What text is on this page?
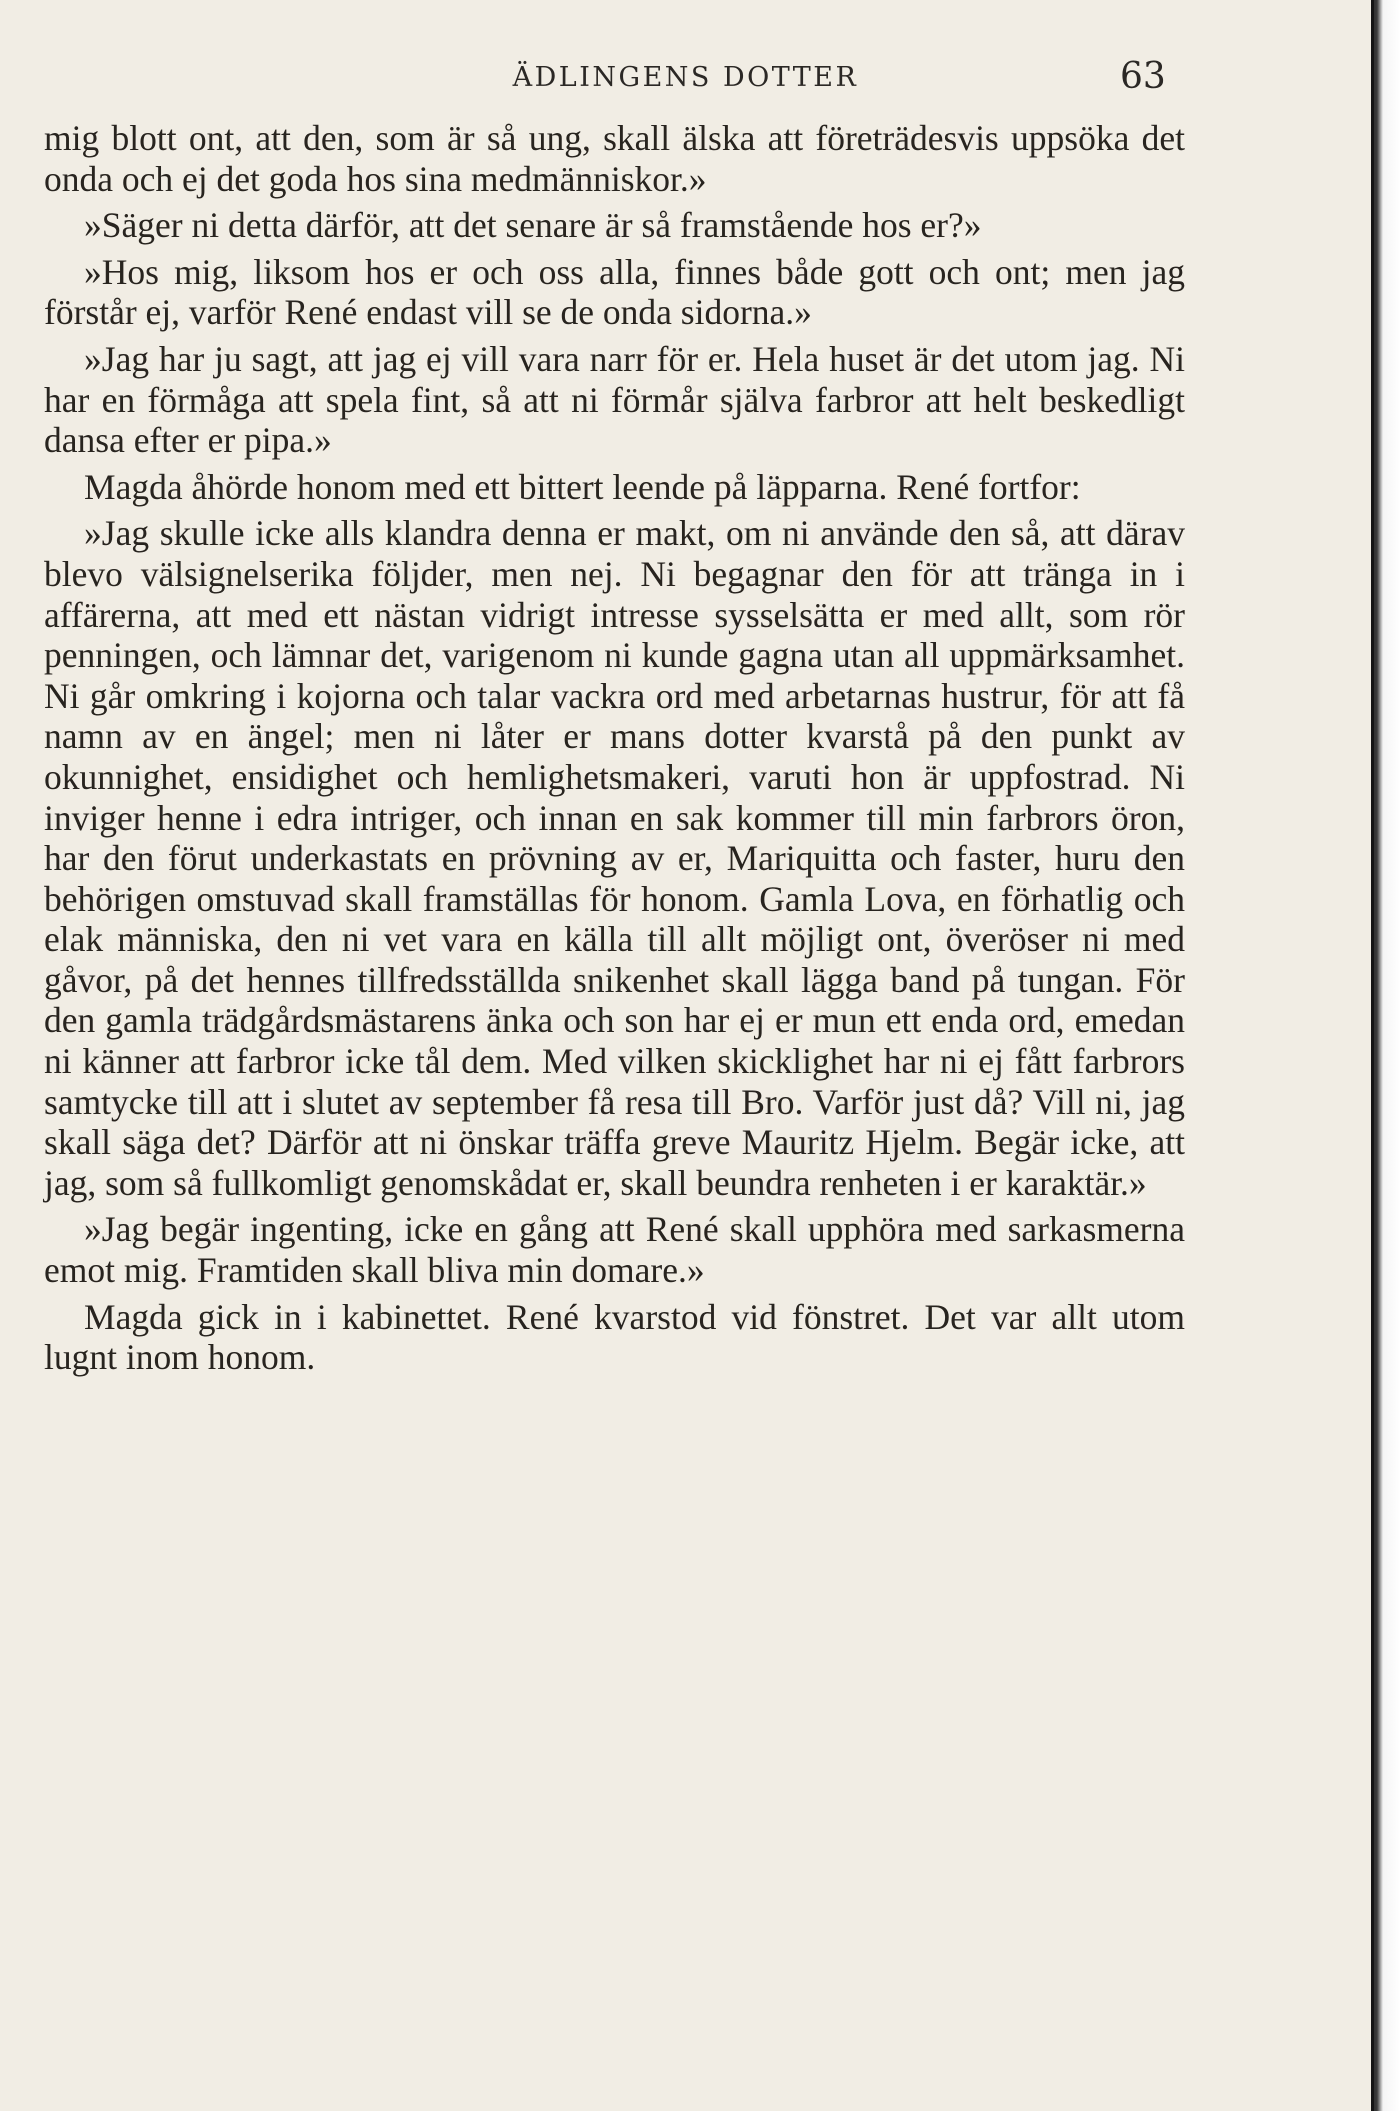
ÄDLINGENS DOTTER	63

mig blott ont, att den, som är så ung, skall älska att företrädesvis uppsöka det onda och ej det goda hos sina medmänniskor.»

»Säger ni detta därför, att det senare är så framstående hos er?»

»Hos mig, liksom hos er och oss alla, finnes både gott och ont; men jag förstår ej, varför René endast vill se de onda sidorna.»

»Jag har ju sagt, att jag ej vill vara narr för er. Hela huset är det utom jag. Ni har en förmåga att spela fint, så att ni förmår själva farbror att helt beskedligt dansa efter er pipa.»

Magda åhörde honom med ett bittert leende på läpparna. René fortfor:

»Jag skulle icke alls klandra denna er makt, om ni använde den så, att därav blevo välsignelserika följder, men nej. Ni begagnar den för att tränga in i affärerna, att med ett nästan vidrigt intresse sysselsätta er med allt, som rör penningen, och lämnar det, varigenom ni kunde gagna utan all uppmärksamhet. Ni går omkring i kojorna och talar vackra ord med arbetarnas hustrur, för att få namn av en ängel; men ni låter er mans dotter kvarstå på den punkt av okunnighet, ensidighet och hemlighetsmakeri, varuti hon är uppfostrad. Ni inviger henne i edra intriger, och innan en sak kommer till min farbrors öron, har den förut underkastats en prövning av er, Mariquitta och faster, huru den behörigen omstuvad skall framställas för honom. Gamla Lova, en förhatlig och elak människa, den ni vet vara en källa till allt möjligt ont, överöser ni med gåvor, på det hennes tillfredsställda snikenhet skall lägga band på tungan. För den gamla trädgårdsmästarens änka och son har ej er mun ett enda ord, emedan ni känner att farbror icke tål dem. Med vilken skicklighet har ni ej fått farbrors samtycke till att i slutet av september få resa till Bro. Varför just då? Vill ni, jag skall säga det? Därför att ni önskar träffa greve Mauritz Hjelm. Begär icke, att jag, som så fullkomligt genomskådat er, skall beundra renheten i er karaktär.»

»Jag begär ingenting, icke en gång att René skall upphöra med sarkasmerna emot mig. Framtiden skall bliva min domare.»

Magda gick in i kabinettet. René kvarstod vid fönstret. Det var allt utom lugnt inom honom.
